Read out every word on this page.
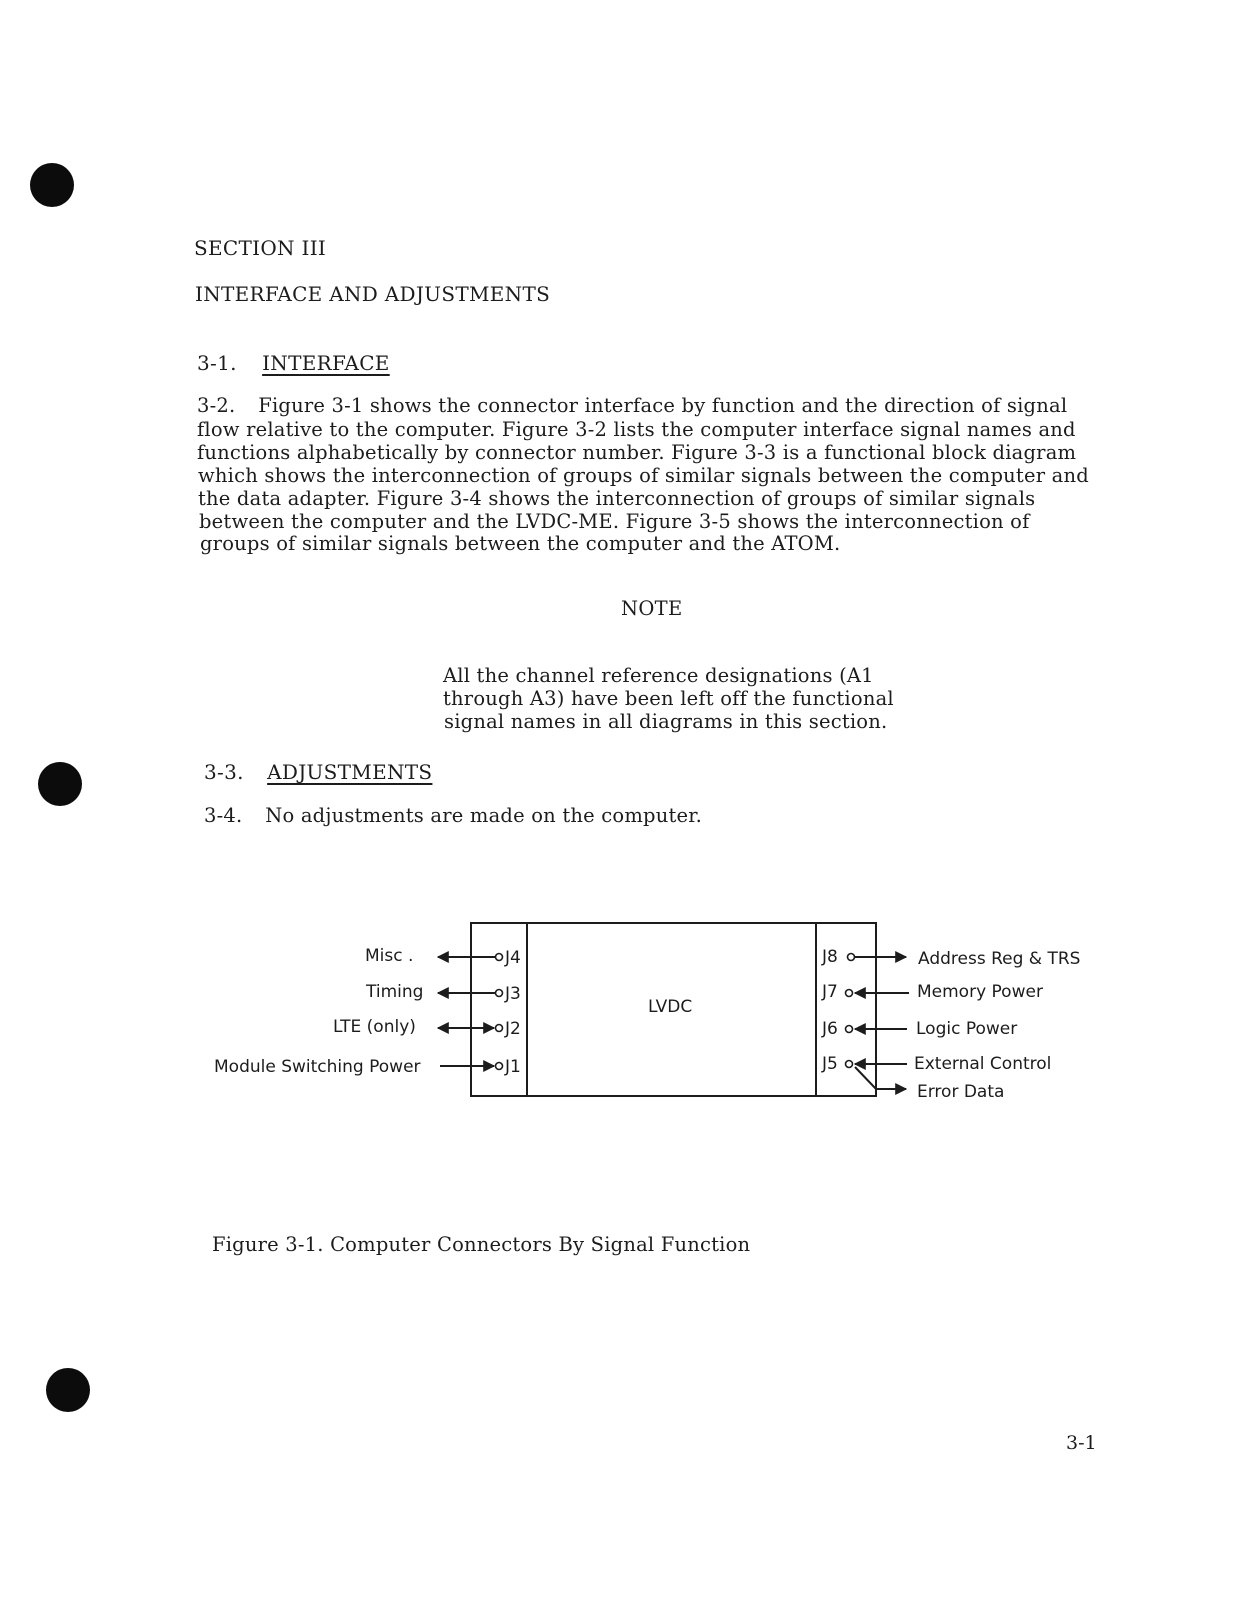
SECTION III
INTERFACE AND ADJUSTMENTS
3-1. INTERFACE
3-2. Figure 3-1 shows the connector interface by function and the direction of signal
flow relative to the computer. Figure 3-2 lists the computer interface signal names and
functions alphabetically by connector number. Figure 3-3 is a functional block diagram
which shows the interconnection of groups of similar signals between the computer and
the data adapter. Figure 3-4 shows the interconnection of groups of similar signals
between the computer and the LVDC-ME. Figure 3-5 shows the interconnection of
groups of similar signals between the computer and the ATOM.
NOTE
All the channel reference designations (A1
through A3) have been left off the functional
signal names in all diagrams in this section.
3-3. ADJUSTMENTS
3-4. No adjustments are made on the computer.
LVDC
Misc .	J4
Timing	J3
LTE (only)	J2
Module Switching Power	J1
J8	Address Reg & TRS
J7	Memory Power
J6	Logic Power
J5	External Control
Error Data
Figure 3-1. Computer Connectors By Signal Function
3-1
